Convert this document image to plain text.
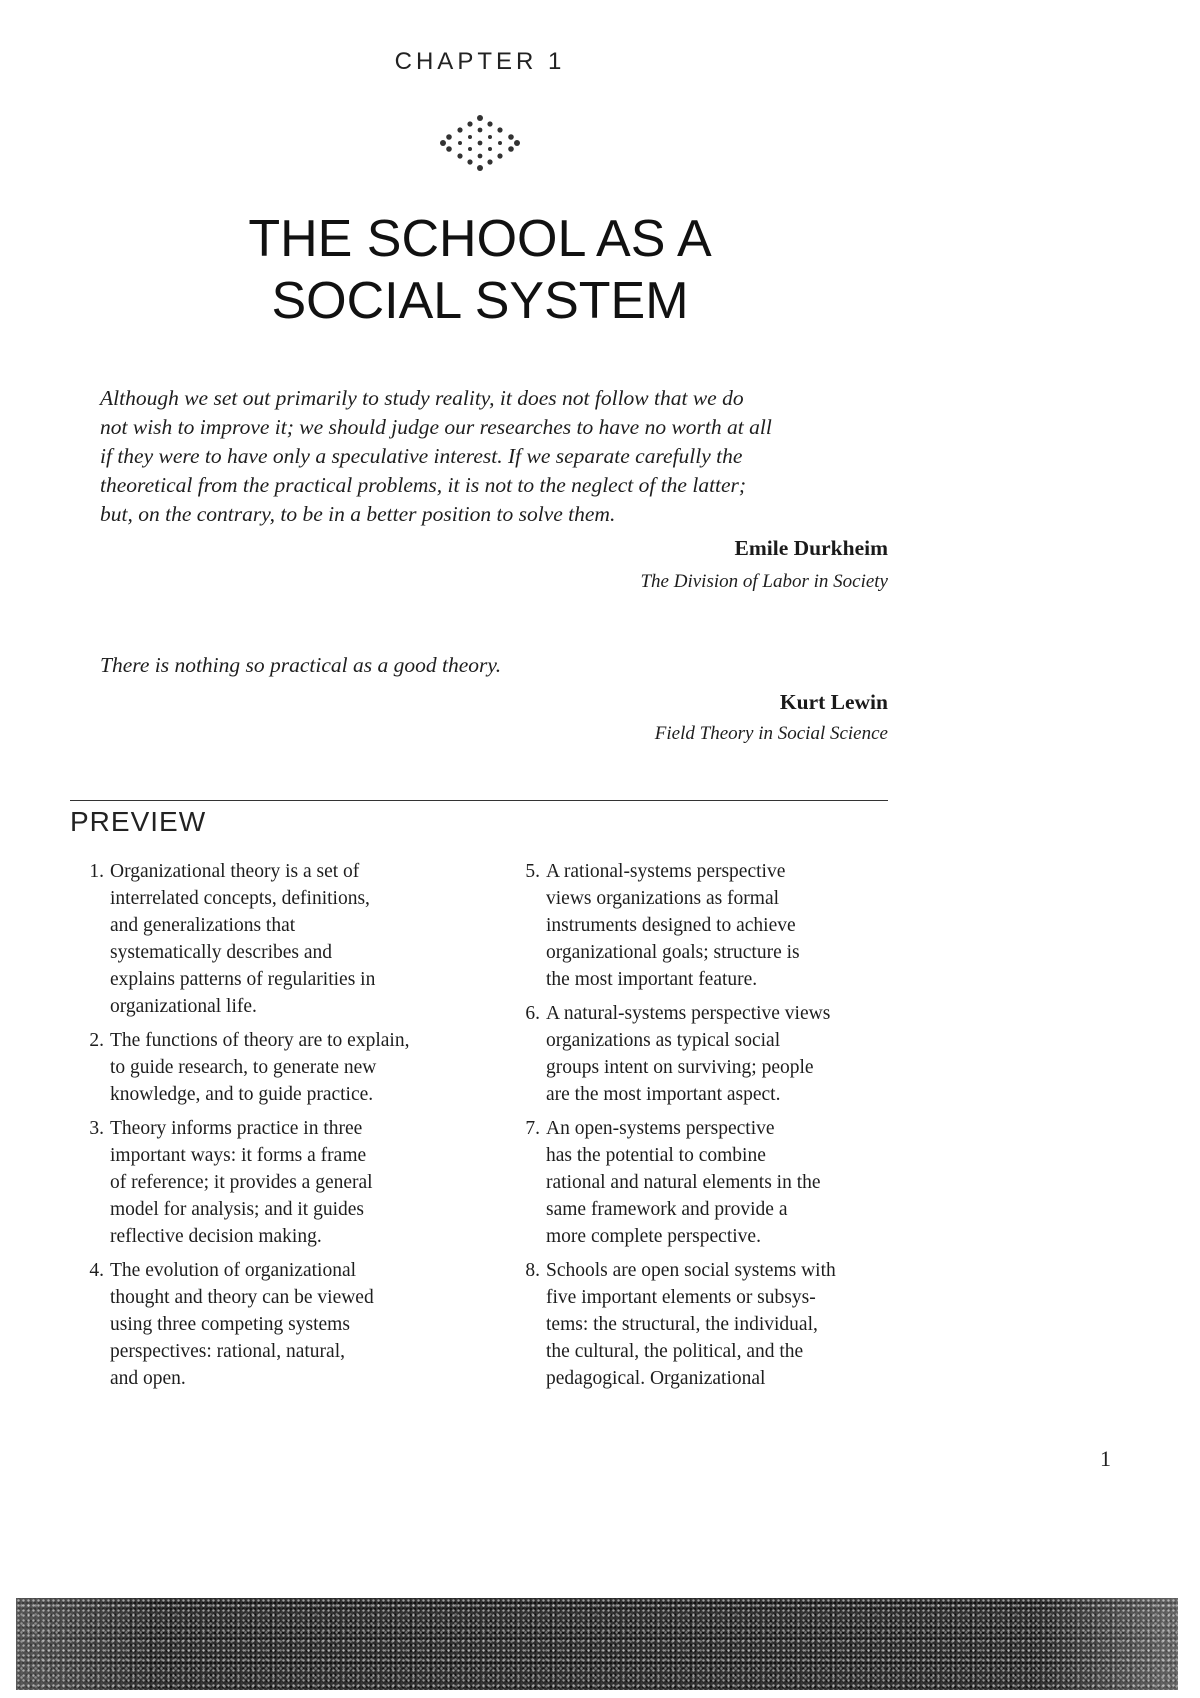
CHAPTER 1
THE SCHOOL AS A
SOCIAL SYSTEM
Although we set out primarily to study reality, it does not follow that we do
not wish to improve it; we should judge our researches to have no worth at all
if they were to have only a speculative interest. If we separate carefully the
theoretical from the practical problems, it is not to the neglect of the latter;
but, on the contrary, to be in a better position to solve them.
Emile Durkheim
The Division of Labor in Society
There is nothing so practical as a good theory.
Kurt Lewin
Field Theory in Social Science
PREVIEW
1. Organizational theory is a set of
interrelated concepts, definitions,
and generalizations that
systematically describes and
explains patterns of regularities in
organizational life.
2. The functions of theory are to explain,
to guide research, to generate new
knowledge, and to guide practice.
3. Theory informs practice in three
important ways: it forms a frame
of reference; it provides a general
model for analysis; and it guides
reflective decision making.
4. The evolution of organizational
thought and theory can be viewed
using three competing systems
perspectives: rational, natural,
and open.
5. A rational-systems perspective
views organizations as formal
instruments designed to achieve
organizational goals; structure is
the most important feature.
6. A natural-systems perspective views
organizations as typical social
groups intent on surviving; people
are the most important aspect.
7. An open-systems perspective
has the potential to combine
rational and natural elements in the
same framework and provide a
more complete perspective.
8. Schools are open social systems with
five important elements or subsys-
tems: the structural, the individual,
the cultural, the political, and the
pedagogical. Organizational
1
